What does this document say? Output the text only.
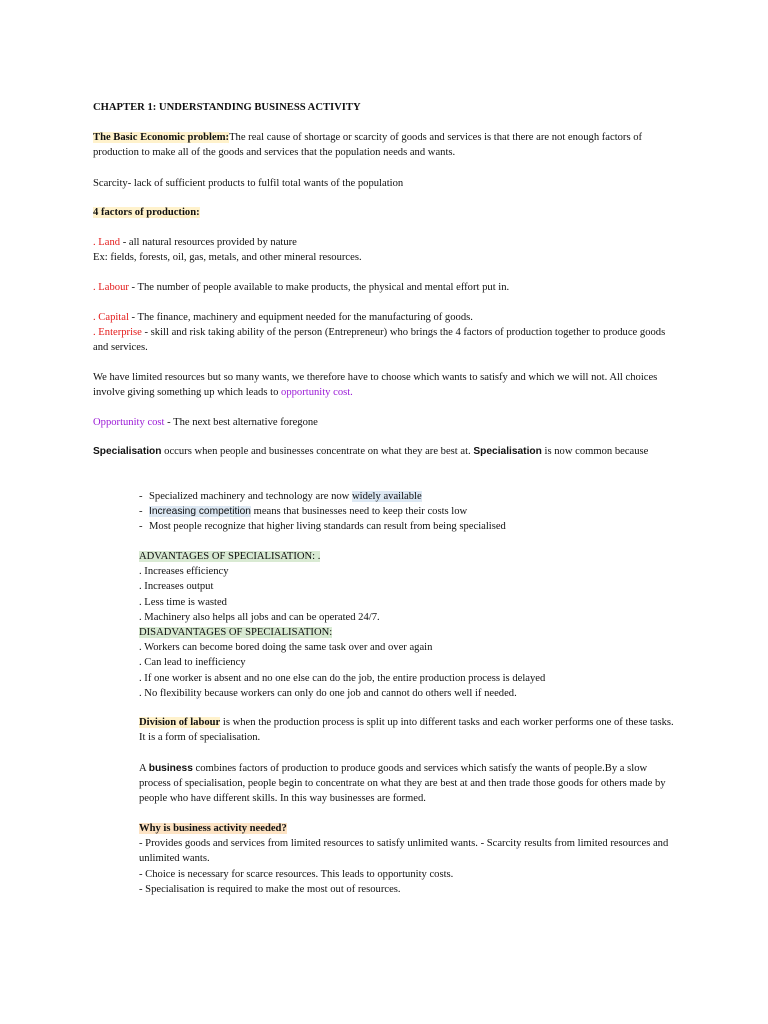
CHAPTER 1: UNDERSTANDING BUSINESS ACTIVITY
The Basic Economic problem:The real cause of shortage or scarcity of goods and services is that there are not enough factors of production to make all of the goods and services that the population needs and wants.
Scarcity- lack of sufficient products to fulfil total wants of the population
4 factors of production:
. Land - all natural resources provided by nature
Ex: fields, forests, oil, gas, metals, and other mineral resources.
. Labour - The number of people available to make products, the physical and mental effort put in.
. Capital - The finance, machinery and equipment needed for the manufacturing of goods.
. Enterprise - skill and risk taking ability of the person (Entrepreneur) who brings the 4 factors of production together to produce goods and services.
We have limited resources but so many wants, we therefore have to choose which wants to satisfy and which we will not. All choices involve giving something up which leads to opportunity cost.
Opportunity cost - The next best alternative foregone
Specialisation occurs when people and businesses concentrate on what they are best at. Specialisation is now common because
- Specialized machinery and technology are now widely available
- Increasing competition means that businesses need to keep their costs low
- Most people recognize that higher living standards can result from being specialised
ADVANTAGES OF SPECIALISATION: .
. Increases efficiency
. Increases output
. Less time is wasted
. Machinery also helps all jobs and can be operated 24/7.
DISADVANTAGES OF SPECIALISATION:
. Workers can become bored doing the same task over and over again
. Can lead to inefficiency
. If one worker is absent and no one else can do the job, the entire production process is delayed
. No flexibility because workers can only do one job and cannot do others well if needed.
Division of labour is when the production process is split up into different tasks and each worker performs one of these tasks. It is a form of specialisation.
A business combines factors of production to produce goods and services which satisfy the wants of people.By a slow process of specialisation, people begin to concentrate on what they are best at and then trade those goods for others made by people who have different skills. In this way businesses are formed.
Why is business activity needed?
- Provides goods and services from limited resources to satisfy unlimited wants. - Scarcity results from limited resources and unlimited wants.
- Choice is necessary for scarce resources. This leads to opportunity costs.
- Specialisation is required to make the most out of resources.
